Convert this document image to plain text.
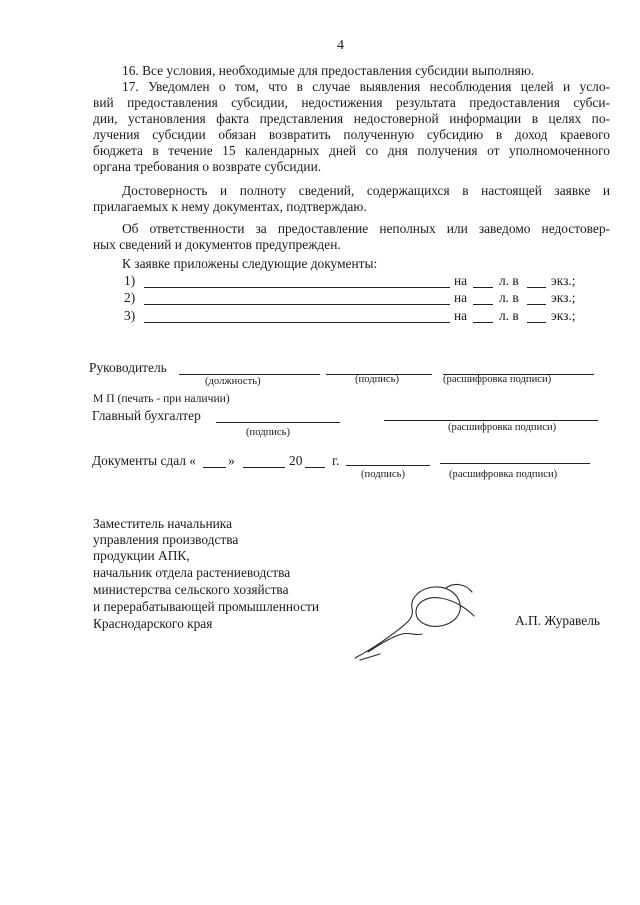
4
16. Все условия, необходимые для предоставления субсидии выполняю.
17. Уведомлен о том, что в случае выявления несоблюдения целей и усло-
вий предоставления субсидии, недостижения результата предоставления субси-
дии, установления факта представления недостоверной информации в целях по-
лучения субсидии обязан возвратить полученную субсидию в доход краевого
бюджета в течение 15 календарных дней со дня получения от уполномоченного
органа требования о возврате субсидии.
Достоверность и полноту сведений, содержащихся в настоящей заявке и
прилагаемых к нему документах, подтверждаю.
Об ответственности за предоставление неполных или заведомо недостовер-
ных сведений и документов предупрежден.
К заявке приложены следующие документы:
1)	на л. в экз.;
2)	на л. в экз.;
3)	на л. в экз.;
Руководитель
(должность)	(подпись)	(расшифровка подписи)
М П (печать - при наличии)
Главный бухгалтер
(подпись)	(расшифровка подписи)
Документы сдал « »	20 г.
(подпись)	(расшифровка подписи)
Заместитель начальника
управления производства
продукции АПК,
начальник отдела растениеводства
министерства сельского хозяйства
и перерабатывающей промышленности
Краснодарского края	А.П. Журавель
